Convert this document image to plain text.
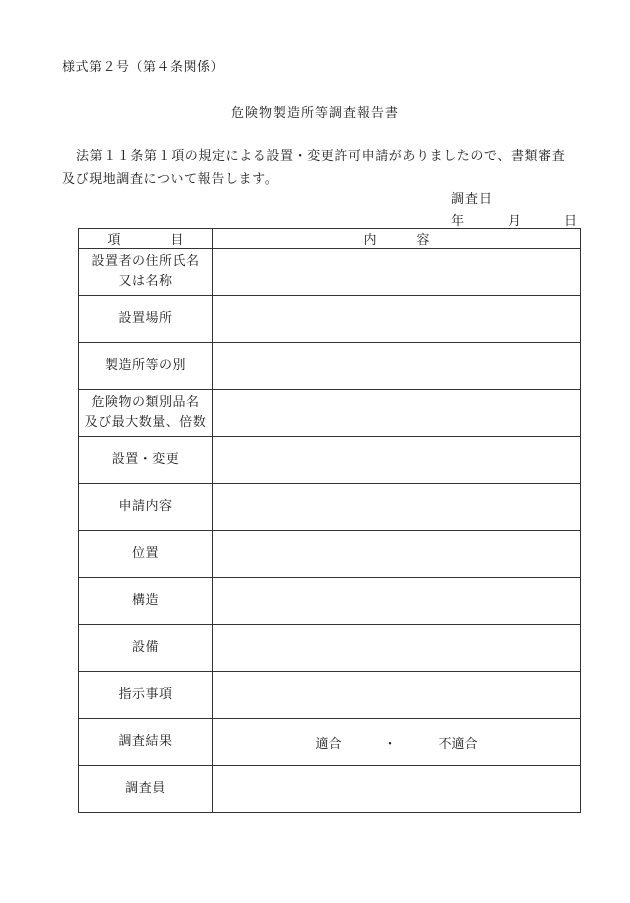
様式第２号（第４条関係）
危険物製造所等調査報告書
法第１１条第１項の規定による設置・変更許可申請がありましたので、書類審査
及び現地調査について報告します。
調査日
年	月	日
項 目	内 容

設置者の住所氏名
又は名称	

設置場所	

製造所等の別	

危険物の類別品名
及び最大数量、倍数	

設置・変更	

申請内容	

位置	

構造	

設備	

指示事項	

調査結果	適合 ・ 不適合

調査員	
